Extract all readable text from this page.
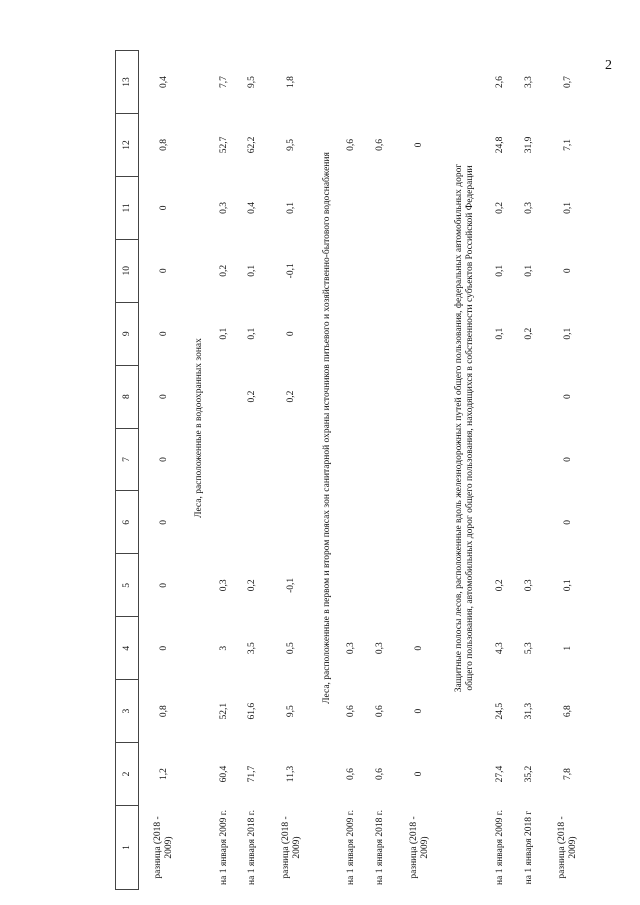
2
1	2	3	4	5	6	7	8	9	10	11	12	13
разница (2018 - 2009)	1,2	0,8	0	0	0	0	0	0	0	0	0,8	0,4
	Леса, расположенные в водоохранных зонах											
на 1 января 2009 г.	60,4	52,1	3	0,3				0,1	0,2	0,3	52,7	7,7
на 1 января 2018 г.	71,7	61,6	3,5	0,2			0,2	0,1	0,1	0,4	62,2	9,5
разница (2018 - 2009)	11,3	9,5	0,5	-0,1			0,2	0	-0,1	0,1	9,5	1,8
	Леса, расположенные в первом и втором поясах зон санитарной охраны источников питьевого и хозяйственно-бытового водоснабжения											
на 1 января 2009 г.	0,6	0,6	0,3								0,6	
на 1 января 2018 г.	0,6	0,6	0,3								0,6	
разница (2018 - 2009)	0	0	0								0	

	Защитные полосы лесов, расположенные вдоль железнодорожных путей общего пользования, федеральных автомобильных дорог общего пользования, автомобильных дорог общего пользования, находящихся в собственности субъектов Российской Федерации											

на 1 января 2009 г.	27,4	24,5	4,3	0,2				0,1	0,1	0,2	24,8	2,6
на 1 января 2018 г	35,2	31,3	5,3	0,3				0,2	0,1	0,3	31,9	3,3
разница (2018 - 2009)	7,8	6,8	1	0,1	0	0	0	0,1	0	0,1	7,1	0,7
